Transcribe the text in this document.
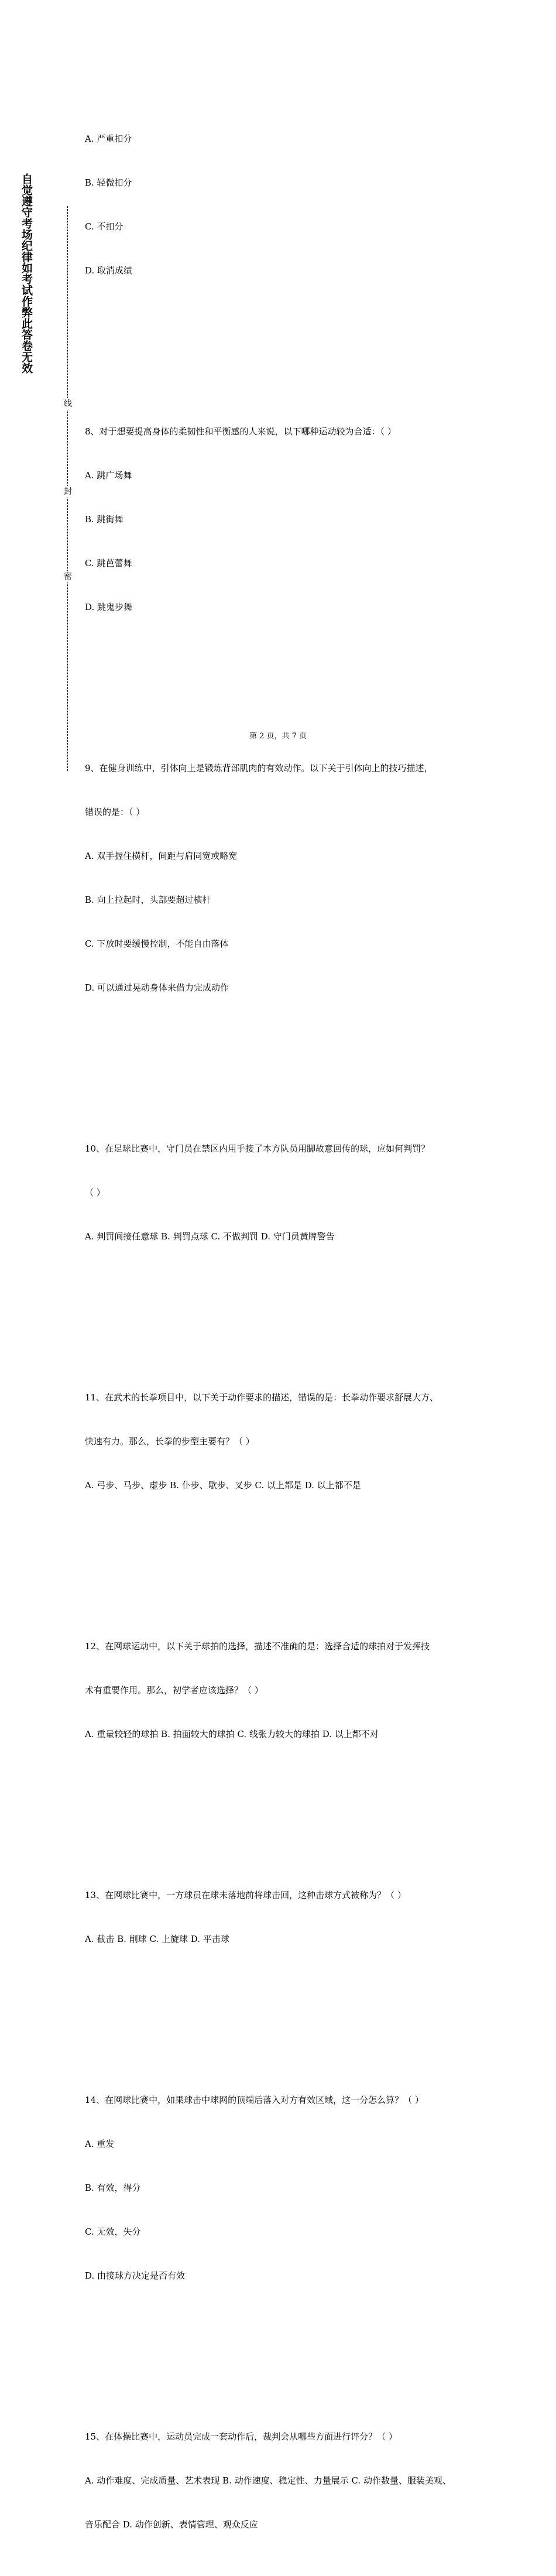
自觉遵守考场纪律如考试作弊此答卷无效
线
封
密

A. 严重扣分

B. 轻微扣分

C. 不扣分

D. 取消成绩

8、对于想要提高身体的柔韧性和平衡感的人来说，以下哪种运动较为合适：（ ）

A. 跳广场舞

B. 跳街舞

C. 跳芭蕾舞

D. 跳鬼步舞

9、在健身训练中，引体向上是锻炼背部肌肉的有效动作。以下关于引体向上的技巧描述，

错误的是：（ ）

A. 双手握住横杆，间距与肩同宽或略宽

B. 向上拉起时，头部要超过横杆

C. 下放时要缓慢控制，不能自由落体

D. 可以通过晃动身体来借力完成动作

10、在足球比赛中，守门员在禁区内用手接了本方队员用脚故意回传的球，应如何判罚？

（ ）

A. 判罚间接任意球 B. 判罚点球 C. 不做判罚 D. 守门员黄牌警告

11、在武术的长拳项目中，以下关于动作要求的描述，错误的是：长拳动作要求舒展大方、

快速有力。那么，长拳的步型主要有？（ ）

A. 弓步、马步、虚步 B. 仆步、歇步、叉步 C. 以上都是 D. 以上都不是

12、在网球运动中，以下关于球拍的选择，描述不准确的是：选择合适的球拍对于发挥技

术有重要作用。那么，初学者应该选择？（ ）

A. 重量较轻的球拍 B. 拍面较大的球拍 C. 线张力较大的球拍 D. 以上都不对

13、在网球比赛中，一方球员在球未落地前将球击回，这种击球方式被称为？（ ）

A. 截击 B. 削球 C. 上旋球 D. 平击球

14、在网球比赛中，如果球击中球网的顶端后落入对方有效区域，这一分怎么算？（ ）

A. 重发

B. 有效，得分

C. 无效，失分

D. 由接球方决定是否有效

15、在体操比赛中，运动员完成一套动作后，裁判会从哪些方面进行评分？（ ）

A. 动作难度、完成质量、艺术表现 B. 动作速度、稳定性、力量展示 C. 动作数量、服装美观、

音乐配合 D. 动作创新、表情管理、观众反应

第 2 页，共 7 页
